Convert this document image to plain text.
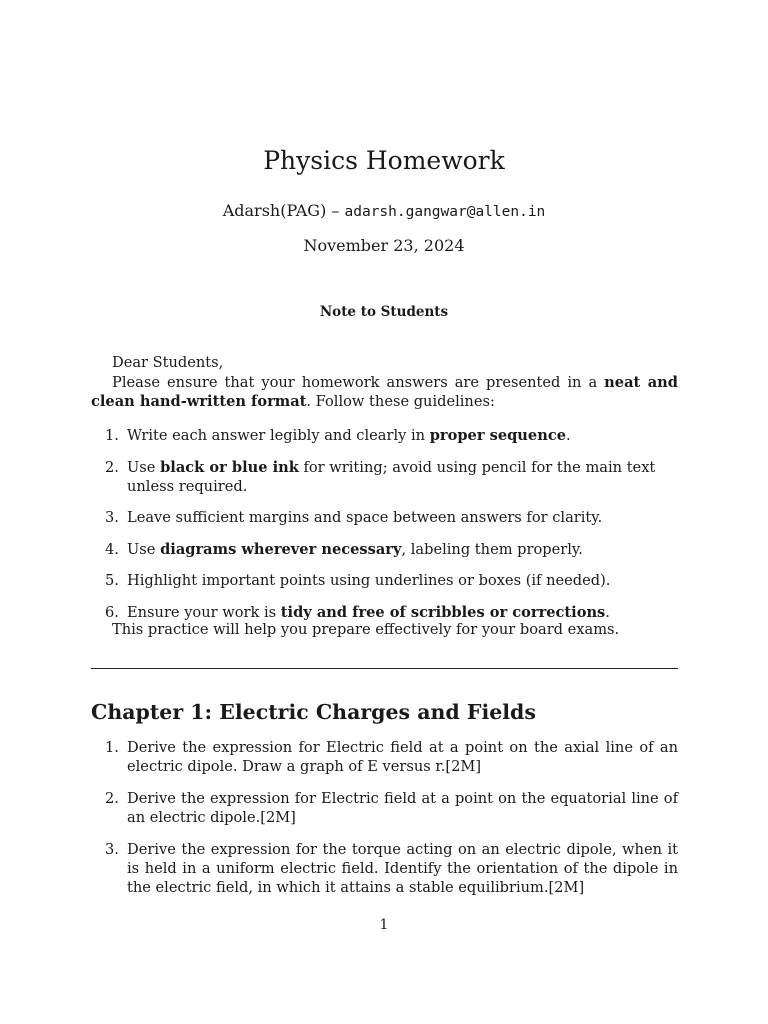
Physics Homework
Adarsh(PAG) – adarsh.gangwar@allen.in
November 23, 2024
Note to Students
Dear Students,

Please ensure that your homework answers are presented in a neat and clean hand-written format. Follow these guidelines:

1. Write each answer legibly and clearly in proper sequence.
2. Use black or blue ink for writing; avoid using pencil for the main text unless required.
3. Leave sufficient margins and space between answers for clarity.
4. Use diagrams wherever necessary, labeling them properly.
5. Highlight important points using underlines or boxes (if needed).
6. Ensure your work is tidy and free of scribbles or corrections.
This practice will help you prepare effectively for your board exams.
Chapter 1: Electric Charges and Fields
1. Derive the expression for Electric field at a point on the axial line of an electric dipole. Draw a graph of E versus r.[2M]
2. Derive the expression for Electric field at a point on the equatorial line of an electric dipole.[2M]
3. Derive the expression for the torque acting on an electric dipole, when it is held in a uniform electric field. Identify the orientation of the dipole in the electric field, in which it attains a stable equilibrium.[2M]
1
